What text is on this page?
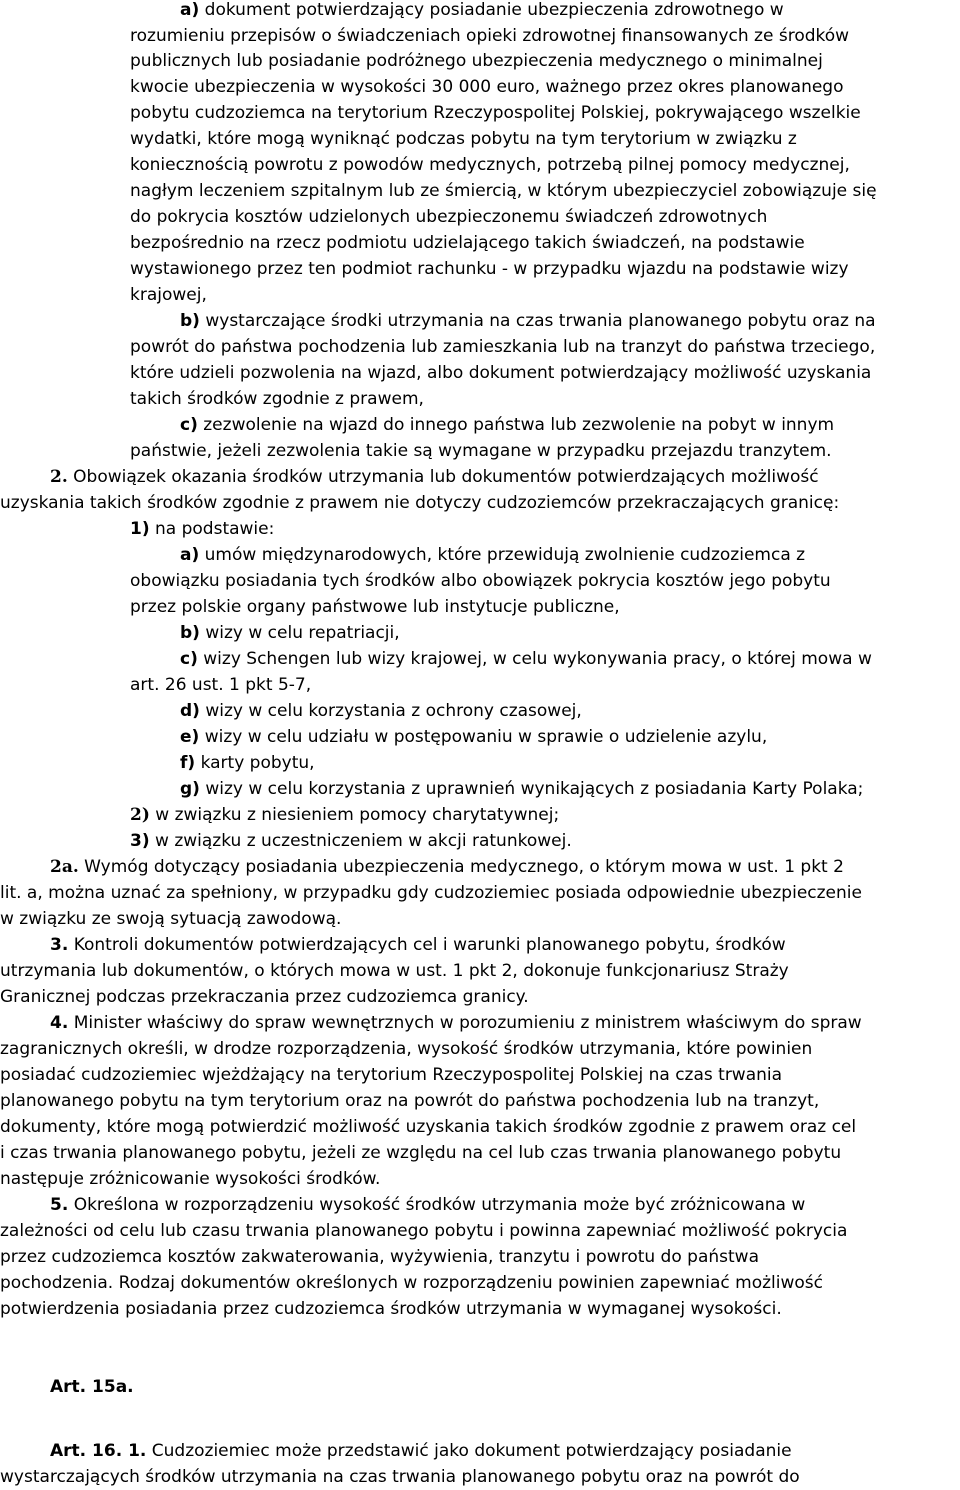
a) dokument potwierdzający posiadanie ubezpieczenia zdrowotnego w
rozumieniu przepisów o świadczeniach opieki zdrowotnej finansowanych ze środków
publicznych lub posiadanie podróżnego ubezpieczenia medycznego o minimalnej
kwocie ubezpieczenia w wysokości 30 000 euro, ważnego przez okres planowanego
pobytu cudzoziemca na terytorium Rzeczypospolitej Polskiej, pokrywającego wszelkie
wydatki, które mogą wyniknąć podczas pobytu na tym terytorium w związku z
koniecznością powrotu z powodów medycznych, potrzebą pilnej pomocy medycznej,
nagłym leczeniem szpitalnym lub ze śmiercią, w którym ubezpieczyciel zobowiązuje się
do pokrycia kosztów udzielonych ubezpieczonemu świadczeń zdrowotnych
bezpośrednio na rzecz podmiotu udzielającego takich świadczeń, na podstawie
wystawionego przez ten podmiot rachunku - w przypadku wjazdu na podstawie wizy
krajowej,
b) wystarczające środki utrzymania na czas trwania planowanego pobytu oraz na
powrót do państwa pochodzenia lub zamieszkania lub na tranzyt do państwa trzeciego,
które udzieli pozwolenia na wjazd, albo dokument potwierdzający możliwość uzyskania
takich środków zgodnie z prawem,
c) zezwolenie na wjazd do innego państwa lub zezwolenie na pobyt w innym
państwie, jeżeli zezwolenia takie są wymagane w przypadku przejazdu tranzytem.
2. Obowiązek okazania środków utrzymania lub dokumentów potwierdzających możliwość
uzyskania takich środków zgodnie z prawem nie dotyczy cudzoziemców przekraczających granicę:
1) na podstawie:
a) umów międzynarodowych, które przewidują zwolnienie cudzoziemca z
obowiązku posiadania tych środków albo obowiązek pokrycia kosztów jego pobytu
przez polskie organy państwowe lub instytucje publiczne,
b) wizy w celu repatriacji,
c) wizy Schengen lub wizy krajowej, w celu wykonywania pracy, o której mowa w
art. 26 ust. 1 pkt 5-7,
d) wizy w celu korzystania z ochrony czasowej,
e) wizy w celu udziału w postępowaniu w sprawie o udzielenie azylu,
f) karty pobytu,
g) wizy w celu korzystania z uprawnień wynikających z posiadania Karty Polaka;
2) w związku z niesieniem pomocy charytatywnej;
3) w związku z uczestniczeniem w akcji ratunkowej.
2a. Wymóg dotyczący posiadania ubezpieczenia medycznego, o którym mowa w ust. 1 pkt 2
lit. a, można uznać za spełniony, w przypadku gdy cudzoziemiec posiada odpowiednie ubezpieczenie
w związku ze swoją sytuacją zawodową.
3. Kontroli dokumentów potwierdzających cel i warunki planowanego pobytu, środków
utrzymania lub dokumentów, o których mowa w ust. 1 pkt 2, dokonuje funkcjonariusz Straży
Granicznej podczas przekraczania przez cudzoziemca granicy.
4. Minister właściwy do spraw wewnętrznych w porozumieniu z ministrem właściwym do spraw
zagranicznych określi, w drodze rozporządzenia, wysokość środków utrzymania, które powinien
posiadać cudzoziemiec wjeżdżający na terytorium Rzeczypospolitej Polskiej na czas trwania
planowanego pobytu na tym terytorium oraz na powrót do państwa pochodzenia lub na tranzyt,
dokumenty, które mogą potwierdzić możliwość uzyskania takich środków zgodnie z prawem oraz cel
i czas trwania planowanego pobytu, jeżeli ze względu na cel lub czas trwania planowanego pobytu
następuje zróżnicowanie wysokości środków.
5. Określona w rozporządzeniu wysokość środków utrzymania może być zróżnicowana w
zależności od celu lub czasu trwania planowanego pobytu i powinna zapewniać możliwość pokrycia
przez cudzoziemca kosztów zakwaterowania, wyżywienia, tranzytu i powrotu do państwa
pochodzenia. Rodzaj dokumentów określonych w rozporządzeniu powinien zapewniać możliwość
potwierdzenia posiadania przez cudzoziemca środków utrzymania w wymaganej wysokości.
Art. 15a.
Art. 16. 1. Cudzoziemiec może przedstawić jako dokument potwierdzający posiadanie
wystarczających środków utrzymania na czas trwania planowanego pobytu oraz na powrót do
